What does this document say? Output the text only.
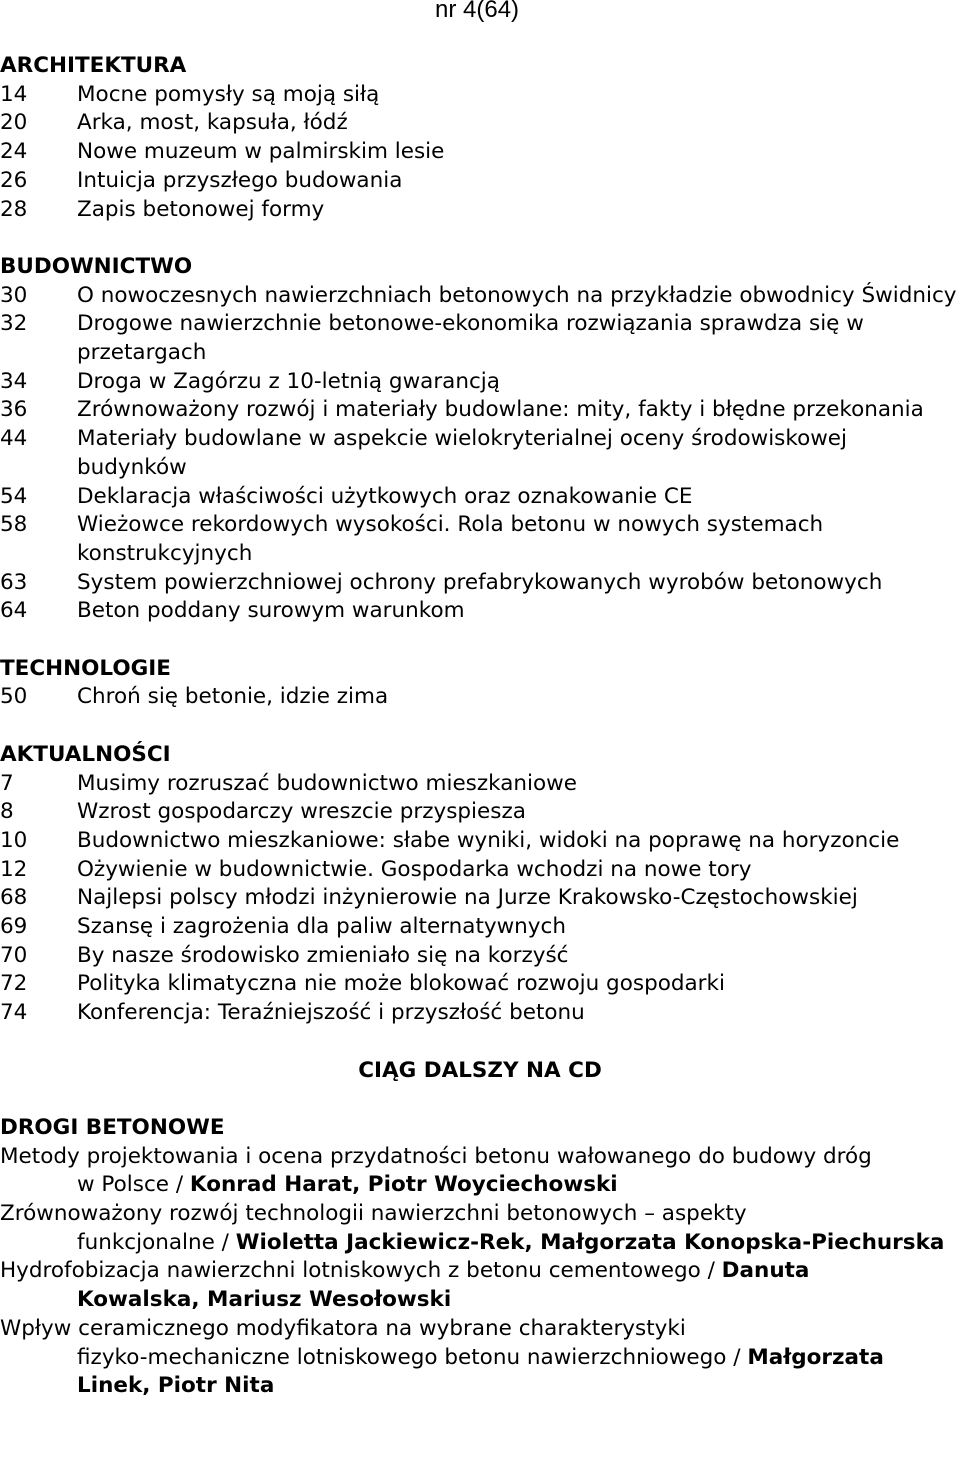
nr 4(64)
ARCHITEKTURA
14	Mocne pomysły są moją siłą
20	Arka, most, kapsuła, łódź
24	Nowe muzeum w palmirskim lesie
26	Intuicja przyszłego budowania
28	Zapis betonowej formy
BUDOWNICTWO
30	O nowoczesnych nawierzchniach betonowych na przykładzie obwodnicy Świdnicy
32	Drogowe nawierzchnie betonowe-ekonomika rozwiązania sprawdza się w przetargach
34	Droga w Zagórzu z 10-letnią gwarancją
36	Zrównoważony rozwój i materiały budowlane: mity, fakty i błędne przekonania
44	Materiały budowlane w aspekcie wielokryterialnej oceny środowiskowej budynków
54	Deklaracja właściwości użytkowych oraz oznakowanie CE
58	Wieżowce rekordowych wysokości. Rola betonu w nowych systemach konstrukcyjnych
63	System powierzchniowej ochrony prefabrykowanych wyrobów betonowych
64	Beton poddany surowym warunkom
TECHNOLOGIE
50	Chroń się betonie, idzie zima
AKTUALNOŚCI
7	Musimy rozruszać budownictwo mieszkaniowe
8	Wzrost gospodarczy wreszcie przyspiesza
10	Budownictwo mieszkaniowe: słabe wyniki, widoki na poprawę na horyzoncie
12	Ożywienie w budownictwie. Gospodarka wchodzi na nowe tory
68	Najlepsi polscy młodzi inżynierowie na Jurze Krakowsko-Częstochowskiej
69	Szansę i zagrożenia dla paliw alternatywnych
70	By nasze środowisko zmieniało się na korzyść
72	Polityka klimatyczna nie może blokować rozwoju gospodarki
74	Konferencja: Teraźniejszość i przyszłość betonu
CIĄG DALSZY NA CD
DROGI BETONOWE
Metody projektowania i ocena przydatności betonu wałowanego do budowy dróg
w Polsce / Konrad Harat, Piotr Woyciechowski
Zrównoważony rozwój technologii nawierzchni betonowych – aspekty
funkcjonalne / Wioletta Jackiewicz-Rek, Małgorzata Konopska-Piechurska
Hydrofobizacja nawierzchni lotniskowych z betonu cementowego / Danuta
Kowalska, Mariusz Wesołowski
Wpływ ceramicznego modyfikatora na wybrane charakterystyki
fizyko-mechaniczne lotniskowego betonu nawierzchniowego / Małgorzata Linek, Piotr Nita
